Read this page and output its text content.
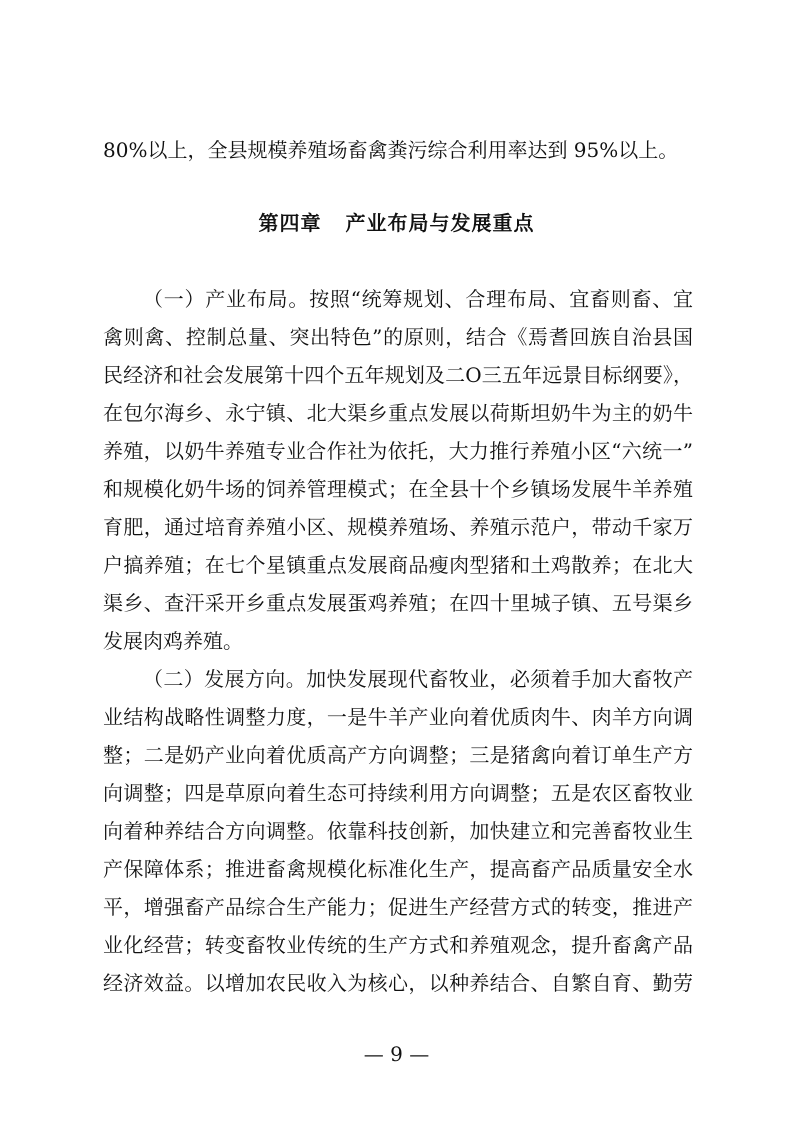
80%以上，全县规模养殖场畜禽粪污综合利用率达到 95%以上。
第四章 产业布局与发展重点
（一）产业布局。按照“统筹规划、合理布局、宜畜则畜、宜
禽则禽、控制总量、突出特色”的原则，结合《焉耆回族自治县国
民经济和社会发展第十四个五年规划及二O三五年远景目标纲要》，
在包尔海乡、永宁镇、北大渠乡重点发展以荷斯坦奶牛为主的奶牛
养殖，以奶牛养殖专业合作社为依托，大力推行养殖小区“六统一”
和规模化奶牛场的饲养管理模式；在全县十个乡镇场发展牛羊养殖
育肥，通过培育养殖小区、规模养殖场、养殖示范户，带动千家万
户搞养殖；在七个星镇重点发展商品瘦肉型猪和土鸡散养；在北大
渠乡、查汗采开乡重点发展蛋鸡养殖；在四十里城子镇、五号渠乡
发展肉鸡养殖。
（二）发展方向。加快发展现代畜牧业，必须着手加大畜牧产
业结构战略性调整力度，一是牛羊产业向着优质肉牛、肉羊方向调
整；二是奶产业向着优质高产方向调整；三是猪禽向着订单生产方
向调整；四是草原向着生态可持续利用方向调整；五是农区畜牧业
向着种养结合方向调整。依靠科技创新，加快建立和完善畜牧业生
产保障体系；推进畜禽规模化标准化生产，提高畜产品质量安全水
平，增强畜产品综合生产能力；促进生产经营方式的转变，推进产
业化经营；转变畜牧业传统的生产方式和养殖观念，提升畜禽产品
经济效益。以增加农民收入为核心，以种养结合、自繁自育、勤劳
— 9 —
